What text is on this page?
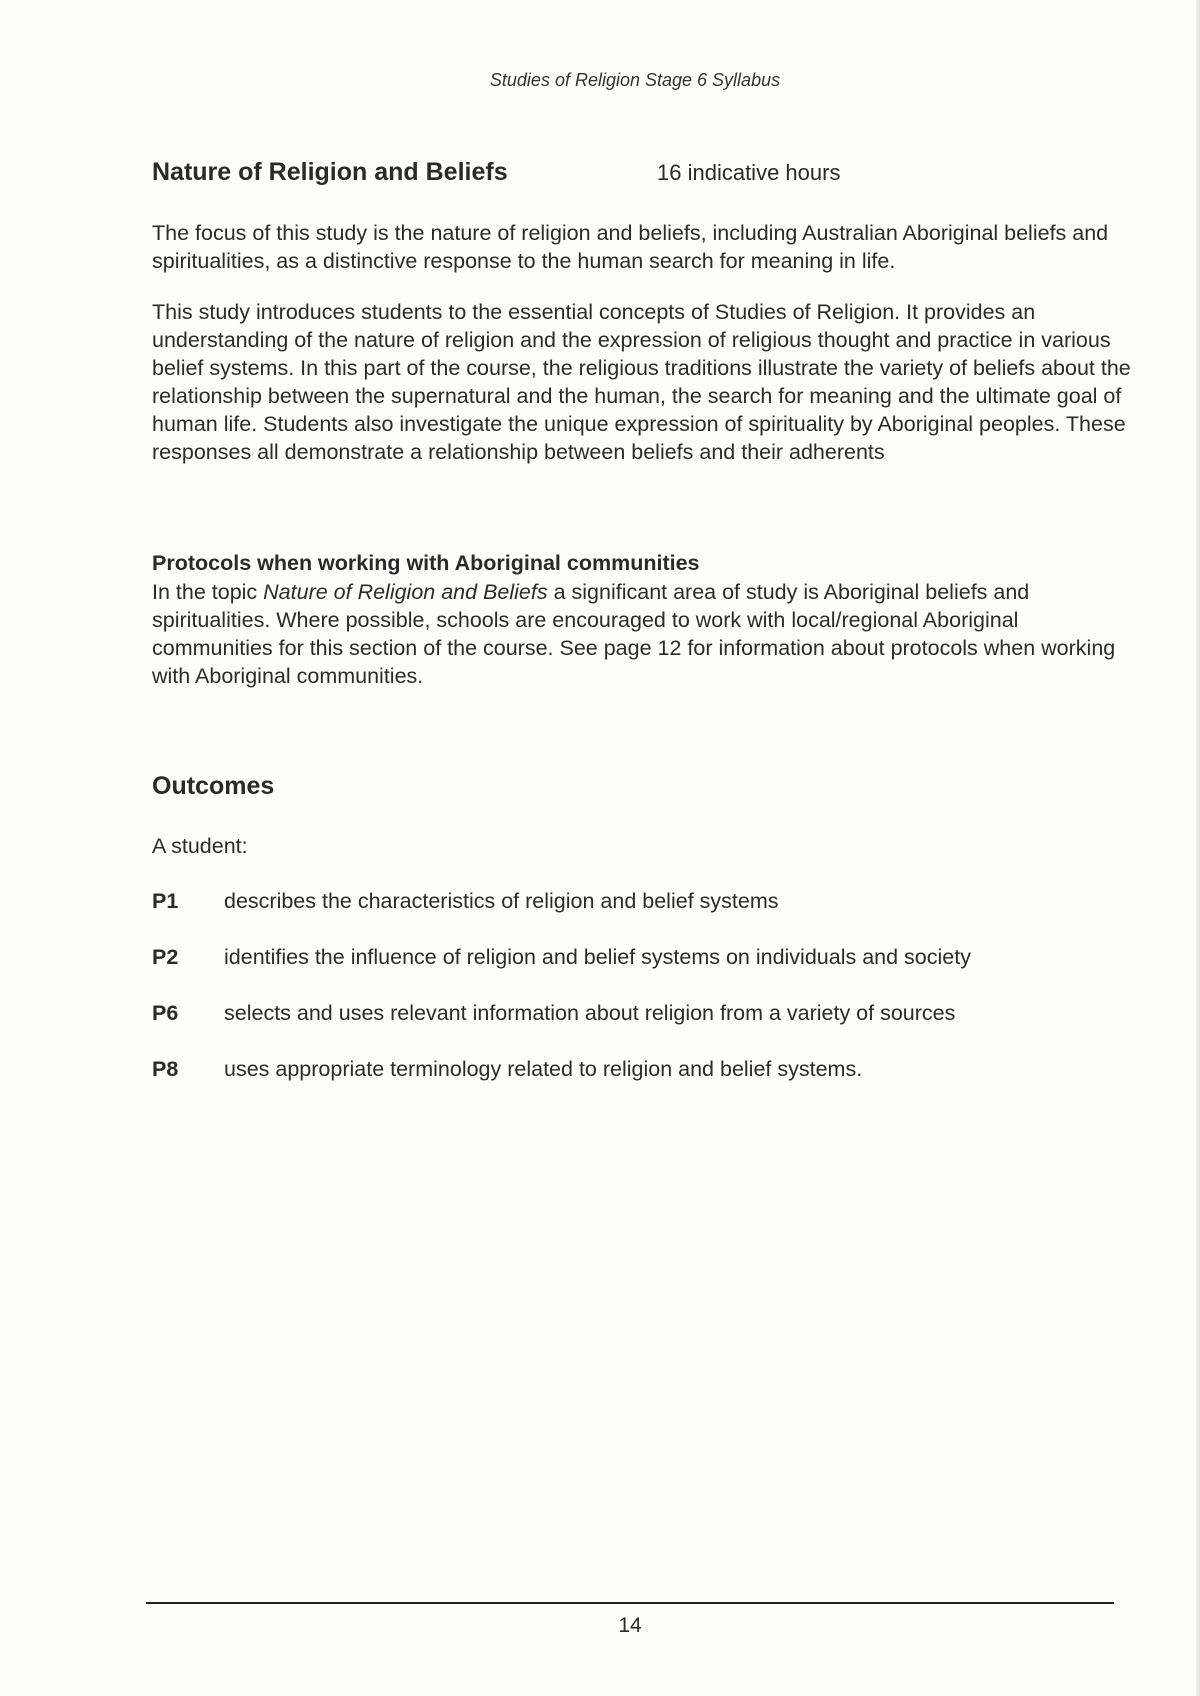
Studies of Religion Stage 6 Syllabus
Nature of Religion and Beliefs	16 indicative hours

The focus of this study is the nature of religion and beliefs, including Australian Aboriginal beliefs and spiritualities, as a distinctive response to the human search for meaning in life.

This study introduces students to the essential concepts of Studies of Religion. It provides an understanding of the nature of religion and the expression of religious thought and practice in various belief systems. In this part of the course, the religious traditions illustrate the variety of beliefs about the relationship between the supernatural and the human, the search for meaning and the ultimate goal of human life. Students also investigate the unique expression of spirituality by Aboriginal peoples. These responses all demonstrate a relationship between beliefs and their adherents

Protocols when working with Aboriginal communities

In the topic Nature of Religion and Beliefs a significant area of study is Aboriginal beliefs and spiritualities. Where possible, schools are encouraged to work with local/regional Aboriginal communities for this section of the course. See page 12 for information about protocols when working with Aboriginal communities.

Outcomes
A student:
P1	describes the characteristics of religion and belief systems
P2	identifies the influence of religion and belief systems on individuals and society
P6	selects and uses relevant information about religion from a variety of sources
P8	uses appropriate terminology related to religion and belief systems.
14
